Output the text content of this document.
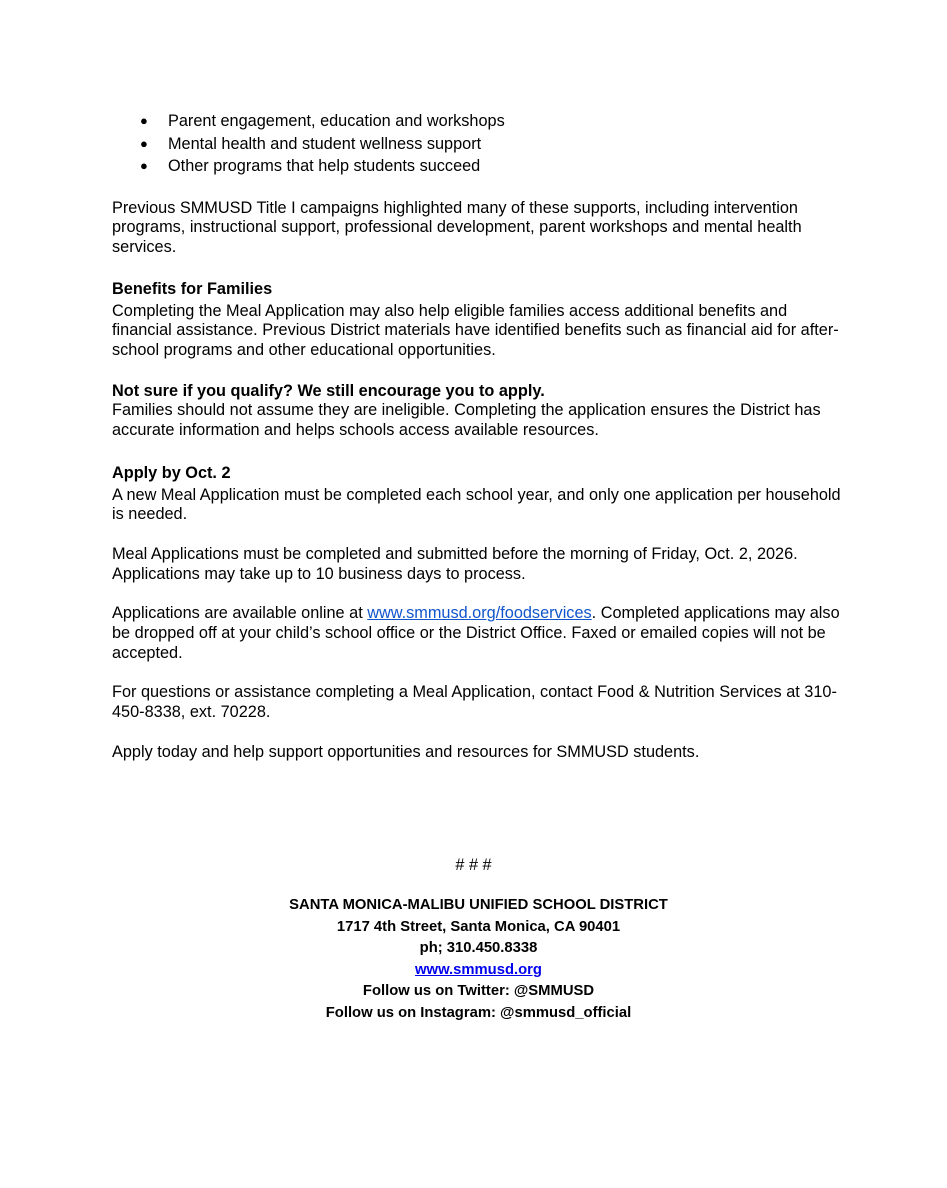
● Parent engagement, education and workshops
● Mental health and student wellness support
● Other programs that help students succeed

Previous SMMUSD Title I campaigns highlighted many of these supports, including intervention programs, instructional support, professional development, parent workshops and mental health services.

Benefits for Families

Completing the Meal Application may also help eligible families access additional benefits and financial assistance. Previous District materials have identified benefits such as financial aid for after-school programs and other educational opportunities.

Not sure if you qualify? We still encourage you to apply.

Families should not assume they are ineligible. Completing the application ensures the District has accurate information and helps schools access available resources.

Apply by Oct. 2

A new Meal Application must be completed each school year, and only one application per household is needed.

Meal Applications must be completed and submitted before the morning of Friday, Oct. 2, 2026. Applications may take up to 10 business days to process.

Applications are available online at www.smmusd.org/foodservices. Completed applications may also be dropped off at your child’s school office or the District Office. Faxed or emailed copies will not be accepted.

For questions or assistance completing a Meal Application, contact Food & Nutrition Services at 310-450-8338, ext. 70228.

Apply today and help support opportunities and resources for SMMUSD students.

# # #
SANTA MONICA-MALIBU UNIFIED SCHOOL DISTRICT
1717 4th Street, Santa Monica, CA 90401
ph; 310.450.8338
www.smmusd.org
Follow us on Twitter: @SMMUSD
Follow us on Instagram: @smmusd_official
